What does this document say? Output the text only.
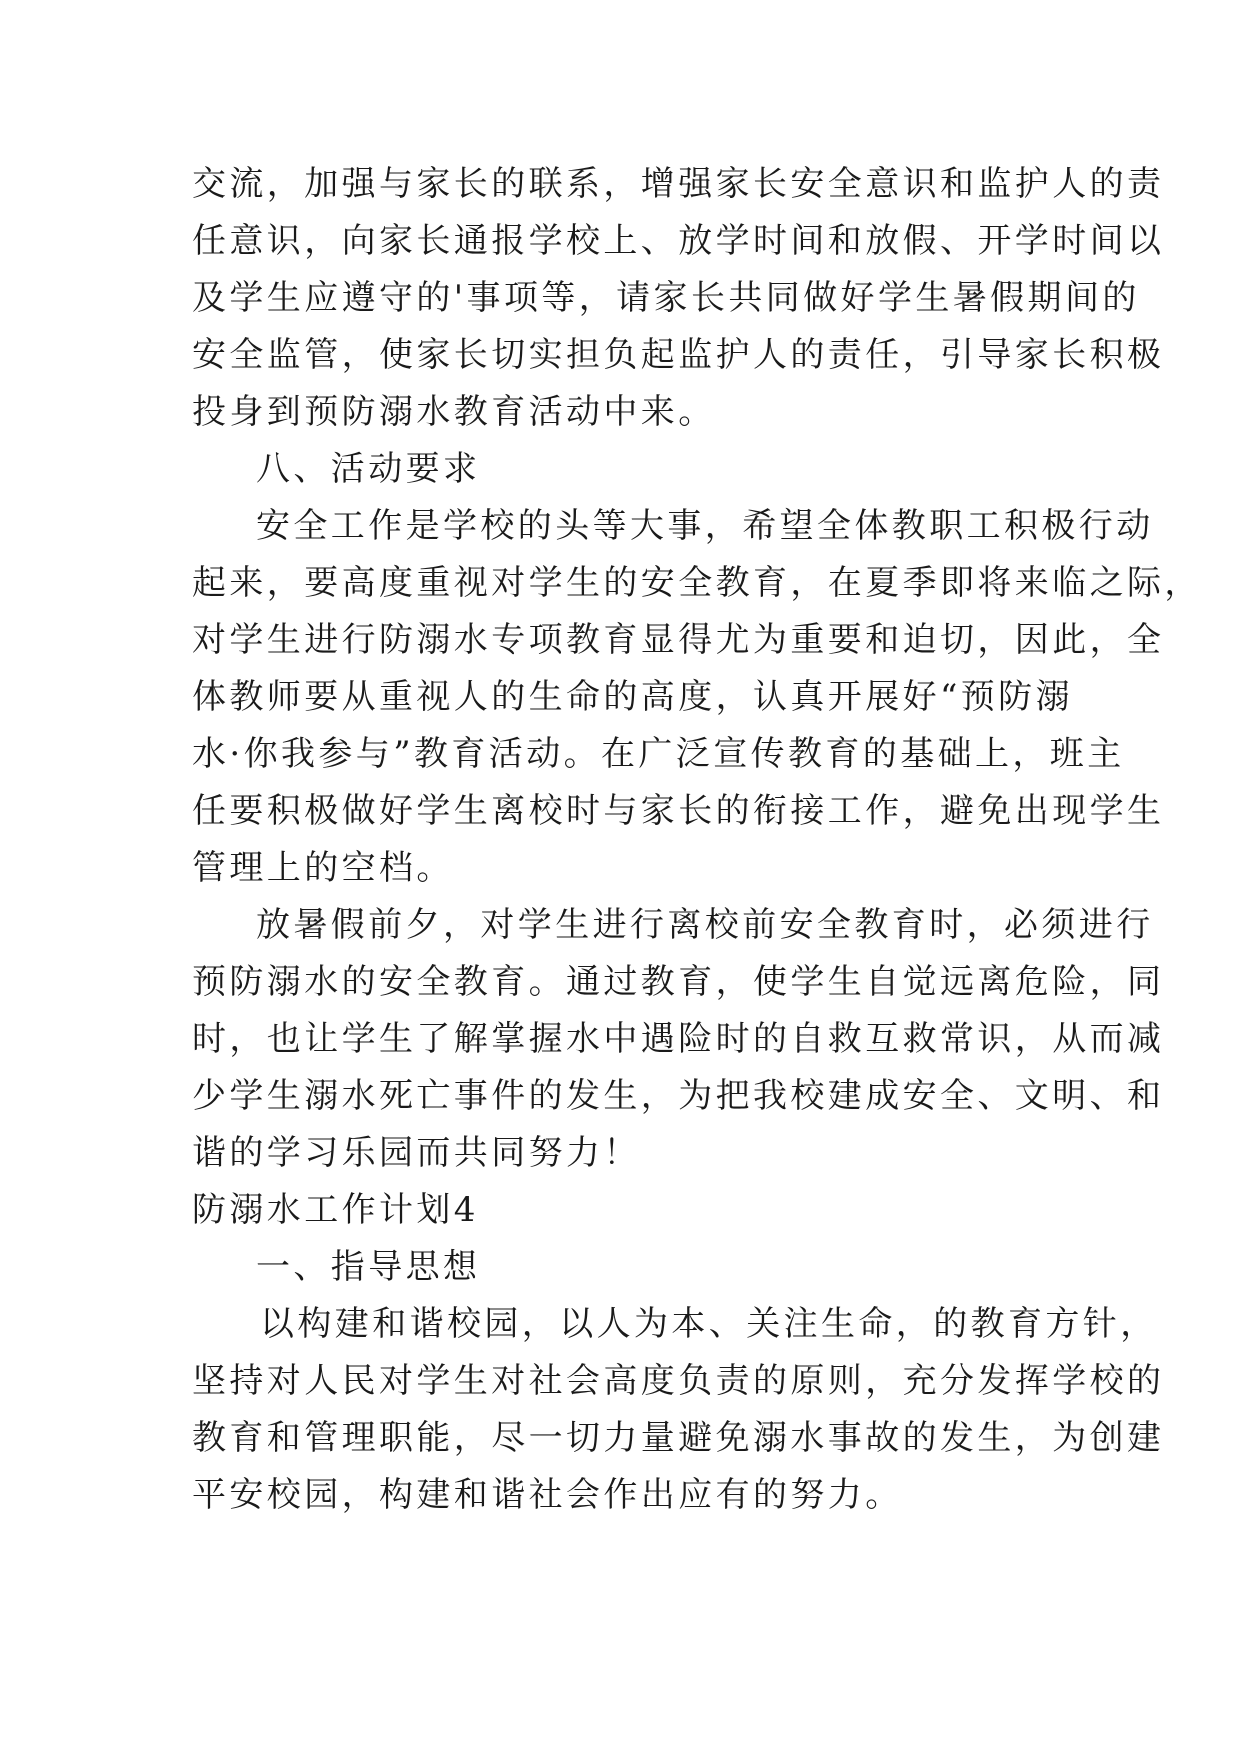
交流，加强与家长的联系，增强家长安全意识和监护人的责
任意识，向家长通报学校上、放学时间和放假、开学时间以
及学生应遵守的'事项等，请家长共同做好学生暑假期间的
安全监管，使家长切实担负起监护人的责任，引导家长积极
投身到预防溺水教育活动中来。
八、活动要求
安全工作是学校的头等大事，希望全体教职工积极行动
起来，要高度重视对学生的安全教育，在夏季即将来临之际，
对学生进行防溺水专项教育显得尤为重要和迫切，因此，全
体教师要从重视人的生命的高度，认真开展好“预防溺
水·你我参与”教育活动。在广泛宣传教育的基础上，班主
任要积极做好学生离校时与家长的衔接工作，避免出现学生
管理上的空档。
放暑假前夕，对学生进行离校前安全教育时，必须进行
预防溺水的安全教育。通过教育，使学生自觉远离危险，同
时，也让学生了解掌握水中遇险时的自救互救常识，从而减
少学生溺水死亡事件的发生，为把我校建成安全、文明、和
谐的学习乐园而共同努力！
防溺水工作计划4
一、指导思想
以构建和谐校园，以人为本、关注生命，的教育方针，
坚持对人民对学生对社会高度负责的原则，充分发挥学校的
教育和管理职能，尽一切力量避免溺水事故的发生，为创建
平安校园，构建和谐社会作出应有的努力。
